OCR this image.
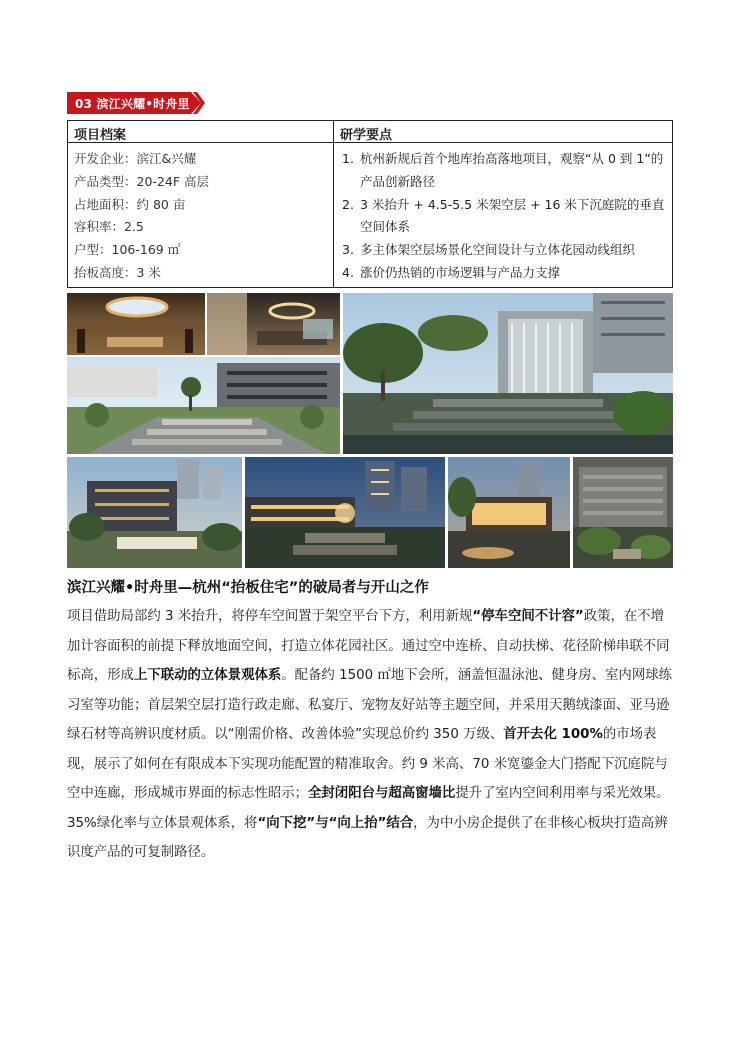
03 滨江兴耀•时舟里
项目档案
开发企业：滨江&兴耀
产品类型：20-24F 高层
占地面积：约 80 亩
容积率：2.5
户型：106-169 ㎡
抬板高度：3 米
研学要点
1. 杭州新规后首个地库抬高落地项目，观察“从 0 到 1”的产品创新路径
2. 3 米抬升 + 4.5-5.5 米架空层 + 16 米下沉庭院的垂直空间体系
3. 多主体架空层场景化空间设计与立体花园动线组织
4. 涨价仍热销的市场逻辑与产品力支撑
滨江兴耀•时舟里—杭州“抬板住宅”的破局者与开山之作
项目借助局部约 3 米抬升，将停车空间置于架空平台下方，利用新规“停车空间不计容”政策，在不增加计容面积的前提下释放地面空间，打造立体花园社区。通过空中连桥、自动扶梯、花径阶梯串联不同标高，形成上下联动的立体景观体系。配备约 1500 ㎡地下会所，涵盖恒温泳池、健身房、室内网球练习室等功能；首层架空层打造行政走廊、私宴厅、宠物友好站等主题空间，并采用天鹅绒漆面、亚马逊绿石材等高辨识度材质。以“刚需价格、改善体验”实现总价约 350 万级、首开去化 100%的市场表现，展示了如何在有限成本下实现功能配置的精准取舍。约 9 米高、70 米宽鎏金大门搭配下沉庭院与空中连廊，形成城市界面的标志性昭示；全封闭阳台与超高窗墙比提升了室内空间利用率与采光效果。35%绿化率与立体景观体系，将“向下挖”与“向上抬”结合，为中小房企提供了在非核心板块打造高辨识度产品的可复制路径。
